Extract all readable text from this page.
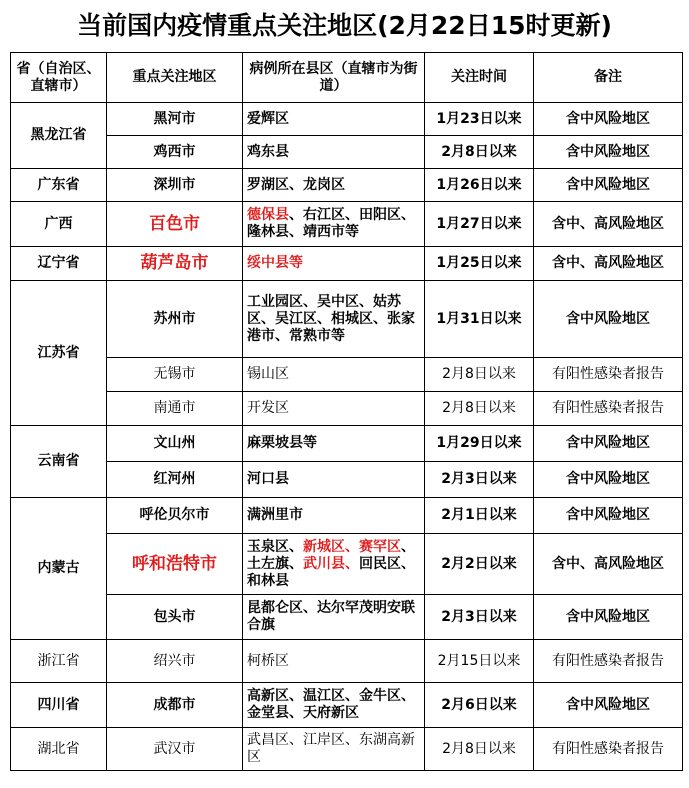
当前国内疫情重点关注地区(2月22日15时更新)
省（自治区、直辖市）	重点关注地区	病例所在县区（直辖市为街道）	关注时间	备注
黑龙江省	黑河市	爱辉区	1月23日以来	含中风险地区
	鸡西市	鸡东县	2月8日以来	含中风险地区
广东省	深圳市	罗湖区、龙岗区	1月26日以来	含中风险地区
广西	百色市	德保县、右江区、田阳区、隆林县、靖西市等	1月27日以来	含中、高风险地区
辽宁省	葫芦岛市	绥中县等	1月25日以来	含中、高风险地区
江苏省	苏州市	工业园区、吴中区、姑苏区、吴江区、相城区、张家港市、常熟市等	1月31日以来	含中风险地区
	无锡市	锡山区	2月8日以来	有阳性感染者报告
	南通市	开发区	2月8日以来	有阳性感染者报告
云南省	文山州	麻栗坡县等	1月29日以来	含中风险地区
	红河州	河口县	2月3日以来	含中风险地区
内蒙古	呼伦贝尔市	满洲里市	2月1日以来	含中风险地区
	呼和浩特市	玉泉区、新城区、赛罕区、土左旗、武川县、回民区、和林县	2月2日以来	含中、高风险地区
	包头市	昆都仑区、达尔罕茂明安联合旗	2月3日以来	含中风险地区
浙江省	绍兴市	柯桥区	2月15日以来	有阳性感染者报告
四川省	成都市	高新区、温江区、金牛区、金堂县、天府新区	2月6日以来	含中风险地区
湖北省	武汉市	武昌区、江岸区、东湖高新区	2月8日以来	有阳性感染者报告
